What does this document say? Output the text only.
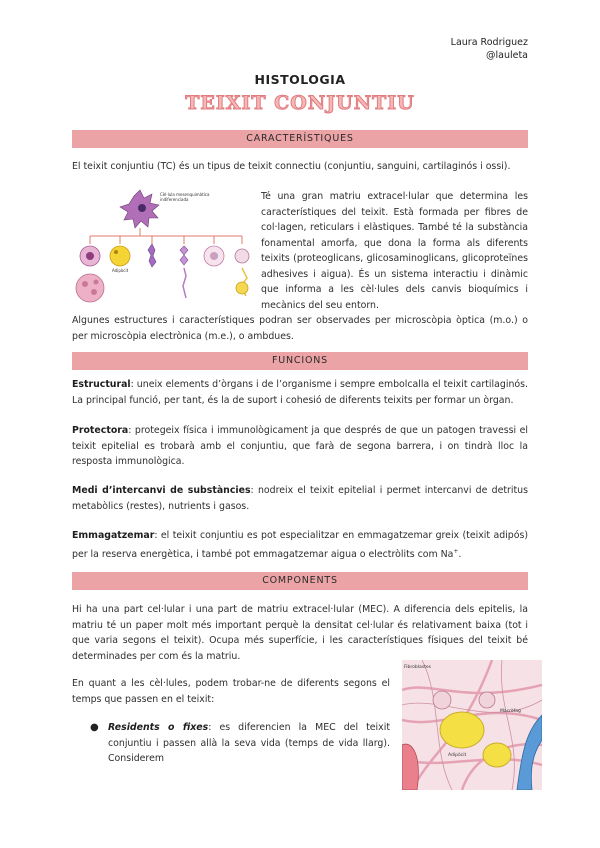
Laura Rodriguez
@lauleta
HISTOLOGIA
TEIXIT CONJUNTIU
CARACTERÍSTIQUES
El teixit conjuntiu (TC) és un tipus de teixit connectiu (conjuntiu, sanguini, cartilaginós i ossi).
Cèl·lula mesenquimàtica
indiferenciada
Adipòcit
Té una gran matriu extracel·lular que determina les característiques del teixit. Està formada per fibres de col·lagen, reticulars i elàstiques. També té la substància fonamental amorfa, que dona la forma als diferents teixits (proteoglicans, glicosaminoglicans, glicoproteïnes adhesives i aigua). És un sistema interactiu i dinàmic que informa a les cèl·lules dels canvis bioquímics i mecànics del seu entorn.
Algunes estructures i característiques podran ser observades per microscòpia òptica (m.o.) o per microscòpia electrònica (m.e.), o ambdues.
FUNCIONS
Estructural: uneix elements d’òrgans i de l’organisme i sempre embolcalla el teixit cartilaginós. La principal funció, per tant, és la de suport i cohesió de diferents teixits per formar un òrgan.
Protectora: protegeix física i immunològicament ja que després de que un patogen travessi el teixit epitelial es trobarà amb el conjuntiu, que farà de segona barrera, i on tindrà lloc la resposta immunològica.
Medi d’intercanvi de substàncies: nodreix el teixit epitelial i permet intercanvi de detritus metabòlics (restes), nutrients i gasos.
Emmagatzemar: el teixit conjuntiu es pot especialitzar en emmagatzemar greix (teixit adipós) per la reserva energètica, i també pot emmagatzemar aigua o electròlits com Na+.
COMPONENTS
Hi ha una part cel·lular i una part de matriu extracel·lular (MEC). A diferencia dels epitelis, la matriu té un paper molt més important perquè la densitat cel·lular és relativament baixa (tot i que varia segons el teixit). Ocupa més superfície, i les característiques físiques del teixit bé determinades per com és la matriu.
En quant a les cèl·lules, podem trobar-ne de diferents segons el temps que passen en el teixit:
● Residents o fixes: es diferencien la MEC del teixit conjuntiu i passen allà la seva vida (temps de vida llarg). Considerem
Fibroblastes
Macròfag
Adipòcit
